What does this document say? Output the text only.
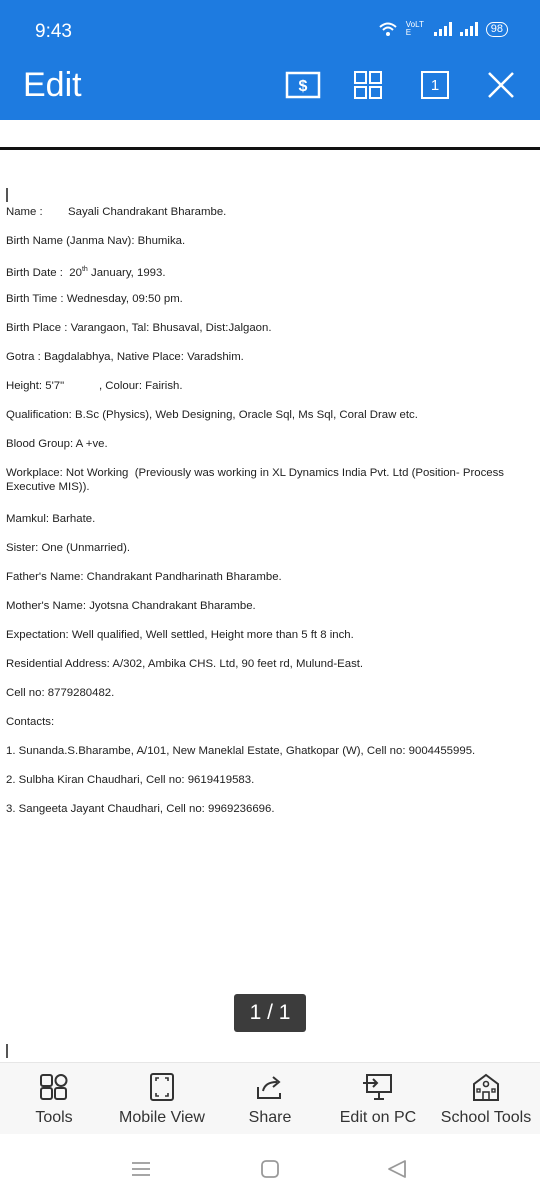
9:43	VoLTE	98
Edit	$	1
Name :        Sayali Chandrakant Bharambe.
Birth Name (Janma Nav): Bhumika.
Birth Date :  20th January, 1993.
Birth Time : Wednesday, 09:50 pm.
Birth Place : Varangaon, Tal: Bhusaval, Dist:Jalgaon.
Gotra : Bagdalabhya, Native Place: Varadshim.
Height: 5'7"           , Colour: Fairish.
Qualification: B.Sc (Physics), Web Designing, Oracle Sql, Ms Sql, Coral Draw etc.
Blood Group: A +ve.
Workplace: Not Working  (Previously was working in XL Dynamics India Pvt. Ltd (Position- Process Executive MIS)).
Mamkul: Barhate.
Sister: One (Unmarried).
Father's Name: Chandrakant Pandharinath Bharambe.
Mother's Name: Jyotsna Chandrakant Bharambe.
Expectation: Well qualified, Well settled, Height more than 5 ft 8 inch.
Residential Address: A/302, Ambika CHS. Ltd, 90 feet rd, Mulund-East.
Cell no: 8779280482.
Contacts:
1. Sunanda.S.Bharambe, A/101, New Maneklal Estate, Ghatkopar (W), Cell no: 9004455995.
2. Sulbha Kiran Chaudhari, Cell no: 9619419583.
3. Sangeeta Jayant Chaudhari, Cell no: 9969236696.
1 / 1
Tools	Mobile View	Share	Edit on PC School Tools
